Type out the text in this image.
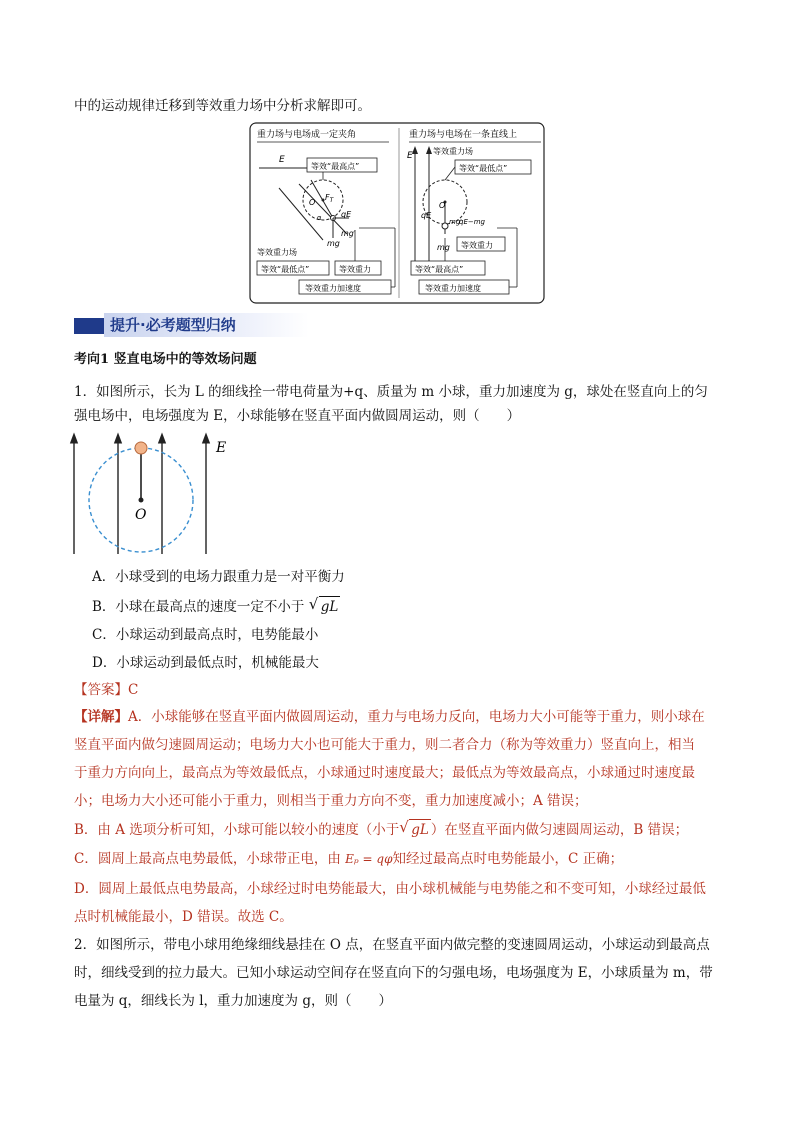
中的运动规律迁移到等效重力场中分析求解即可。
重力场与电场成一定夹角	重力场与电场在一条直线上
E
O
$F_T$
α qE
mg
mg′
等效重力场
等效“最高点”
等效“最低点”	等效重力
等效重力加速度
E	等效重力场
O
qE
mg′
qE−mg
mg
等效“最低点”
等效重力
等效“最高点”
等效重力加速度
提升·必考题型归纳
考向1 竖直电场中的等效场问题
1．如图所示，长为 L 的细线拴一带电荷量为+q、质量为 m 小球，重力加速度为 g，球处在竖直向上的匀
强电场中，电场强度为 E，小球能够在竖直平面内做圆周运动，则（　　）
O
E
A．小球受到的电场力跟重力是一对平衡力
B．小球在最高点的速度一定不小于 √ gL
C．小球运动到最高点时，电势能最小
D．小球运动到最低点时，机械能最大
【答案】C
【详解】A．小球能够在竖直平面内做圆周运动，重力与电场力反向，电场力大小可能等于重力，则小球在
竖直平面内做匀速圆周运动；电场力大小也可能大于重力，则二者合力（称为等效重力）竖直向上，相当
于重力方向向上，最高点为等效最低点，小球通过时速度最大；最低点为等效最高点，小球通过时速度最
小；电场力大小还可能小于重力，则相当于重力方向不变，重力加速度减小；A 错误；
B．由 A 选项分析可知，小球可能以较小的速度（小于 √ gL ）在竖直平面内做匀速圆周运动，B 错误；
C．圆周上最高点电势最低，小球带正电，由 Eₚ = qφ知经过最高点时电势能最小，C 正确；
D．圆周上最低点电势最高，小球经过时电势能最大，由小球机械能与电势能之和不变可知，小球经过最低
点时机械能最小，D 错误。故选 C。
2．如图所示，带电小球用绝缘细线悬挂在 O 点，在竖直平面内做完整的变速圆周运动，小球运动到最高点
时，细线受到的拉力最大。已知小球运动空间存在竖直向下的匀强电场，电场强度为 E，小球质量为 m，带
电量为 q，细线长为 l，重力加速度为 g，则（　　）
